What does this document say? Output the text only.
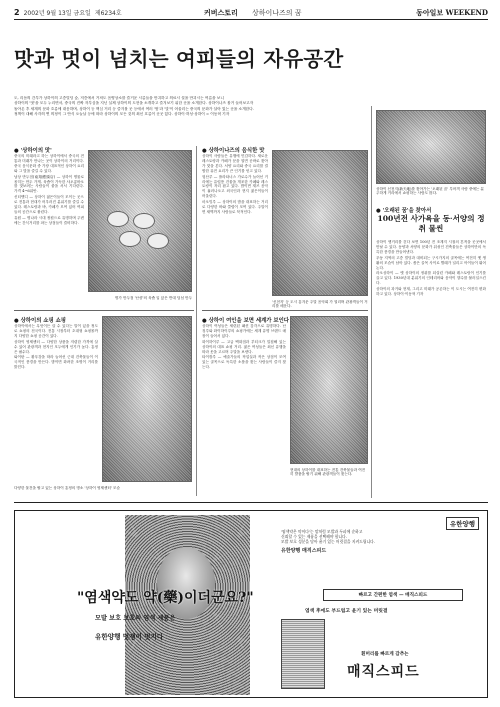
2 2002년 9월 13일 금요일 제6234호	커버스토리 상하이나즈의 꿈	동아일보 WEEKEND
맛과 멋이 넘치는 여피들의 자유공간
상하이 신천지(新天地)를 찾아가는 '오래된 꿈' 투어객 사람 중에는 분주하게 거리에서 쇼핑하는 사람도 많다.

도, 리돔의 간부가 상하이의 고층빌딩 숲, 저층에서 거져도 음양상소를 즐거운 시름들을 만긔하고 의료시 설을 만긔시는 여름을 보니

상하이의 '멋'을 모두 누리면서, 중국의 진짜 자부심을 지닌 실제 상하이의 도현을 소개하고 즐겨보기 위한 곳을 소개한다. 상하이나즈 볼거 들어보고자

돌아온 후 세계의 문화 흐름에 대응하며, 상하이 등 핵심 거리 등 즐겨볼 곳 등에서 여러 '멋'과 '맛'이 어울리는 중국의 문화가 살아 있는 곳을 소개한다.

정책이 대해 사각의 연 의정이 그 안식 오늘날 등에 따라 상하이의 모든 것의 최신 흐름이 곳곳 있다. 상하이·허성·상하이 = 이동혁 기자

● '상하이의 맛'

중국의 미래라고 하는 상하이에서 중국의 전통과 미래가 만나는 곳이 상하이의 거리이다. 중국 음식문화 중 가장 대표적인 상하이 요리와 그 맛을 즐길 수 있다.

남상 만두점(南翔饅頭店) — 상하이 명물로 꼽히는 만두 가게. 육즙이 가득한 샤오롱바오를 맛보려는 사람들이 줄을 서서 기다린다. 가격 4~6위안.

신티엔디 — 상하이 젊은이들이 모이는 곳으로 전통과 현대가 어우러진 분위기를 즐길 수 있다. 레스토랑과 바, 카페가 모여 있어 여피들의 공간으로 불린다.

유원 — 명나라 시대 정원으로 유명하며 주변에는 간식거리를 파는 상점들이 즐비하다.

명가 만두점 '난샹'의 육즙 입 앉은 반대 딤섬 만두
● 상하이나즈의 음식한 맛

상하이 사람들은 유행에 민감하다. 새로운 레스토랑과 카페가 문을 열면 곧바로 찾아가 맛을 본다. 서양 요리와 중국 요리를 결합한 퓨전 요리가 큰 인기를 얻고 있다.

헝산루 — 플라타너스 가로수가 늘어선 거리에는 유럽풍 건물을 개조한 카페와 레스토랑이 자리 잡고 있다. 밤이면 재즈 음악이 흘러나오고 외국인과 현지 젊은이들이 어울린다.

마오밍루 — 상하이의 밤을 대표하는 거리로 다양한 바와 클럽이 모여 있다. 주말이면 새벽까지 사람들로 북적인다.

'신천지' 등 도시 흥겨운 주말 음악회 가 열리며 관광객들이 거리를 메운다.
● 상하이의 쇼핑 쇼핑

상하이에서는 무엇이든 살 수 있다는 말이 있을 정도로 쇼핑의 천국이다. 전통 시장부터 초대형 쇼핑몰까지 다양한 쇼핑 공간이 있다.

상하이 영제센터 — 다양한 상품을 저렴한 가격에 살 수 있어 관광객과 현지인 모두에게 인기가 높다. 흥정은 필수다.

와이탄 — 황푸강을 따라 늘어선 근대 건축물들이 이국적인 풍경을 만든다. 밤이면 화려한 조명이 거리를 밝힌다.

다양한 물건을 팔고 있는 상하이 흥정의 명소 '상하이 영제센터' 모습
● 상하이 여인을 보면 세계가 보인다

상하이 여성들은 세련된 패션 감각으로 유명하다. 난징루와 화이하이루의 쇼핑가에는 세계 유명 브랜드 매장이 들어서 있다.

화이하이루 — 고급 백화점과 부티크가 밀집해 있는 상하이의 대표 쇼핑 거리. 젊은 여성들은 최신 유행을 따라 옷을 고르며 주말을 보낸다.

타이캉루 — 예술가들의 작업실과 작은 상점이 모여 있는 골목으로 독특한 소품을 찾는 사람들이 즐겨 찾는다.

현대의 상하이를 대표하는 전통 건축물들과 여전히 발품을 팔기 위해 관광객들이 찾는다.
● '오래된 꿈'을 찾아서
100년전 사가욕을 동·서양의 정취 물씬

상하이 옛거리를 걷다 보면 100년 전 조계지 시절의 흔적을 곳곳에서 만날 수 있다. 동양과 서양의 문화가 뒤섞인 건축물들은 상하이만의 독특한 풍경을 만들어낸다.

푸둥 지역의 고층 빌딩과 대비되는 구시가지의 골목에는 여전히 옛 생활의 모습이 남아 있다. 좁은 골목 사이로 빨래가 널리고 아이들이 뛰어논다.

라오상하이 — 옛 상하이의 정취를 되살린 카페와 레스토랑이 인기를 끌고 있다. 1930년대 분위기의 인테리어와 음악이 향수를 불러일으킨다.

상하이의 과거와 현재, 그리고 미래가 공존하는 이 도시는 여전히 변화하고 있다. 상하이·이동혁 기자

"염색약도 약(藥)이더군요?"
모발 보호 보호의 염색 제품은
유한양행 멋쟁이 멋지다
유한양행
'염색약은 약이다'는 말처럼 모발과 두피에 순하고
신뢰할 수 있는 제품을 선택해야 합니다.
모발 보호 성분을 담아 윤기 있는 머릿결을 지켜드립니다.
유한양행 매직스피드
빠르고 간편한 염색 — 매직스피드
염색 후에도 부드럽고 윤기 있는 머릿결
흰머리를 빠르게 감추는
매직스피드
